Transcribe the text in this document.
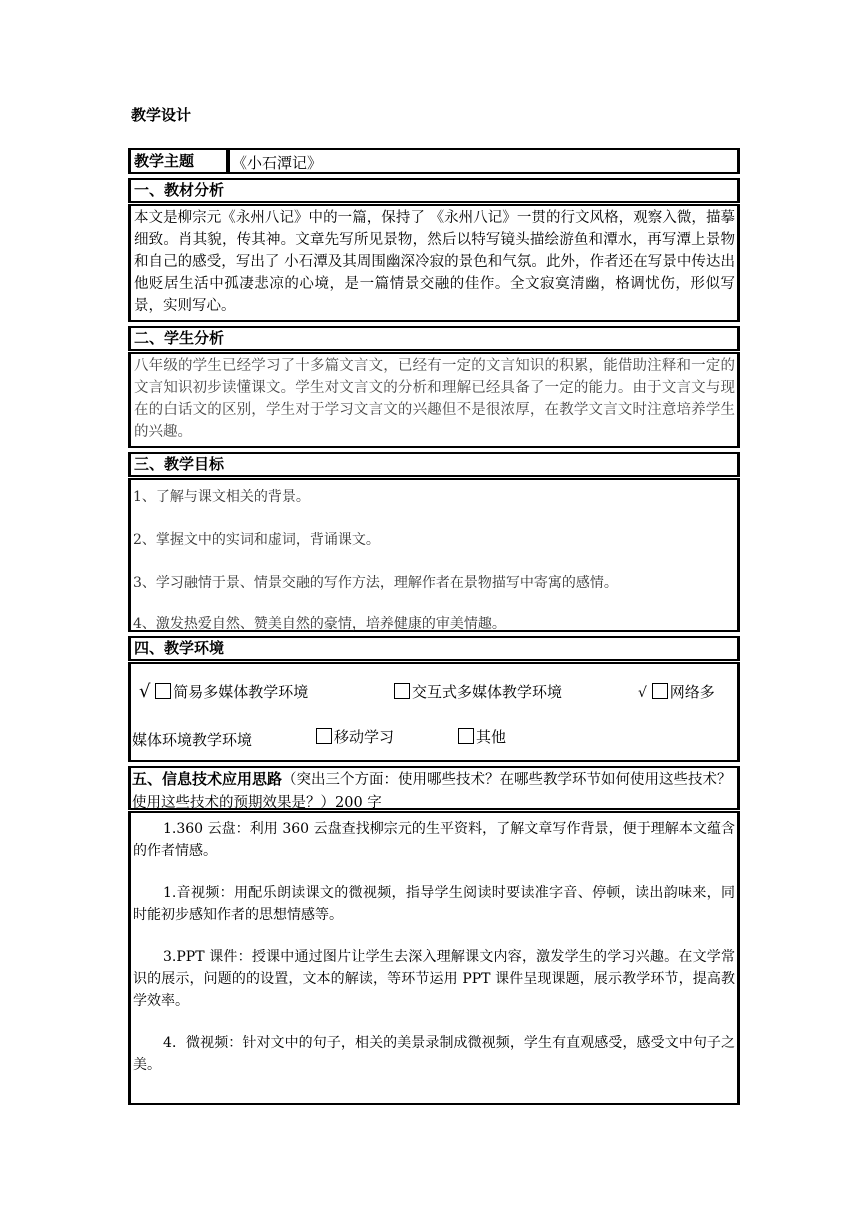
教学设计
教学主题	《小石潭记》
一、教材分析
本文是柳宗元《永州八记》中的一篇，保持了 《永州八记》一贯的行文风格，观察入微，描摹细致。肖其貌，传其神。文章先写所见景物，然后以特写镜头描绘游鱼和潭水，再写潭上景物和自己的感受，写出了 小石潭及其周围幽深冷寂的景色和气氛。此外，作者还在写景中传达出他贬居生活中孤凄悲凉的心境，是一篇情景交融的佳作。全文寂寞清幽，格调忧伤，形似写 景，实则写心。
二、学生分析
八年级的学生已经学习了十多篇文言文，已经有一定的文言知识的积累，能借助注释和一定的文言知识初步读懂课文。学生对文言文的分析和理解已经具备了一定的能力。由于文言文与现在的白话文的区别，学生对于学习文言文的兴趣但不是很浓厚，在教学文言文时注意培养学生的兴趣。
三、教学目标
1、了解与课文相关的背景。
2、掌握文中的实词和虚词，背诵课文。
3、学习融情于景、情景交融的写作方法，理解作者在景物描写中寄寓的感情。
4、激发热爱自然、赞美自然的豪情，培养健康的审美情趣。
四、教学环境
√ 简易多媒体教学环境	交互式多媒体教学环境	√ 网络多
媒体环境教学环境	移动学习	其他
五、信息技术应用思路（突出三个方面：使用哪些技术？在哪些教学环节如何使用这些技术？使用这些技术的预期效果是？）200 字
1.360 云盘：利用 360 云盘查找柳宗元的生平资料，了解文章写作背景，便于理解本文蕴含的作者情感。
1.音视频：用配乐朗读课文的微视频，指导学生阅读时要读准字音、停顿，读出韵味来，同时能初步感知作者的思想情感等。
3.PPT 课件：授课中通过图片让学生去深入理解课文内容，激发学生的学习兴趣。在文学常识的展示，问题的的设置，文本的解读，等环节运用 PPT 课件呈现课题，展示教学环节，提高教学效率。
4．微视频：针对文中的句子，相关的美景录制成微视频，学生有直观感受，感受文中句子之美。
